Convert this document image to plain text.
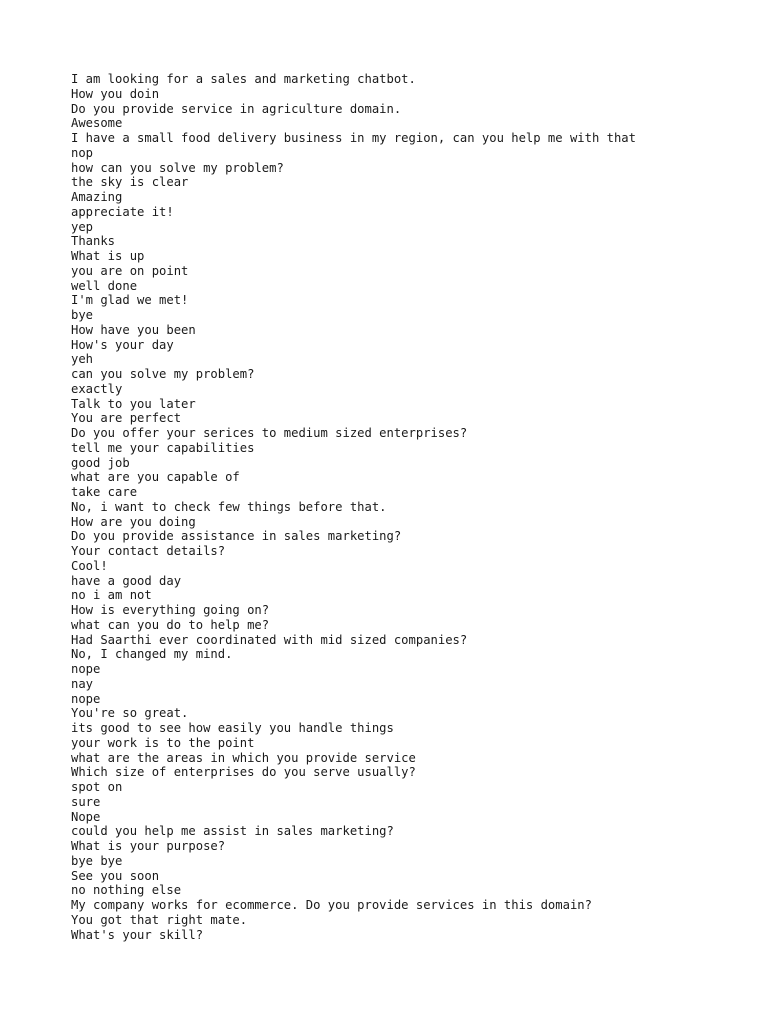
I am looking for a sales and marketing chatbot.
How you doin
Do you provide service in agriculture domain.
Awesome
I have a small food delivery business in my region, can you help me with that
nop
how can you solve my problem?
the sky is clear
Amazing
appreciate it!
yep
Thanks
What is up
you are on point
well done
I'm glad we met!
bye
How have you been
How's your day
yeh
can you solve my problem?
exactly
Talk to you later
You are perfect
Do you offer your serices to medium sized enterprises?
tell me your capabilities
good job
what are you capable of
take care
No, i want to check few things before that.
How are you doing
Do you provide assistance in sales marketing?
Your contact details?
Cool!
have a good day
no i am not
How is everything going on?
what can you do to help me?
Had Saarthi ever coordinated with mid sized companies?
No, I changed my mind.
nope
nay
nope
You're so great.
its good to see how easily you handle things
your work is to the point
what are the areas in which you provide service
Which size of enterprises do you serve usually?
spot on
sure
Nope
could you help me assist in sales marketing?
What is your purpose?
bye bye
See you soon
no nothing else
My company works for ecommerce. Do you provide services in this domain?
You got that right mate.
What's your skill?
